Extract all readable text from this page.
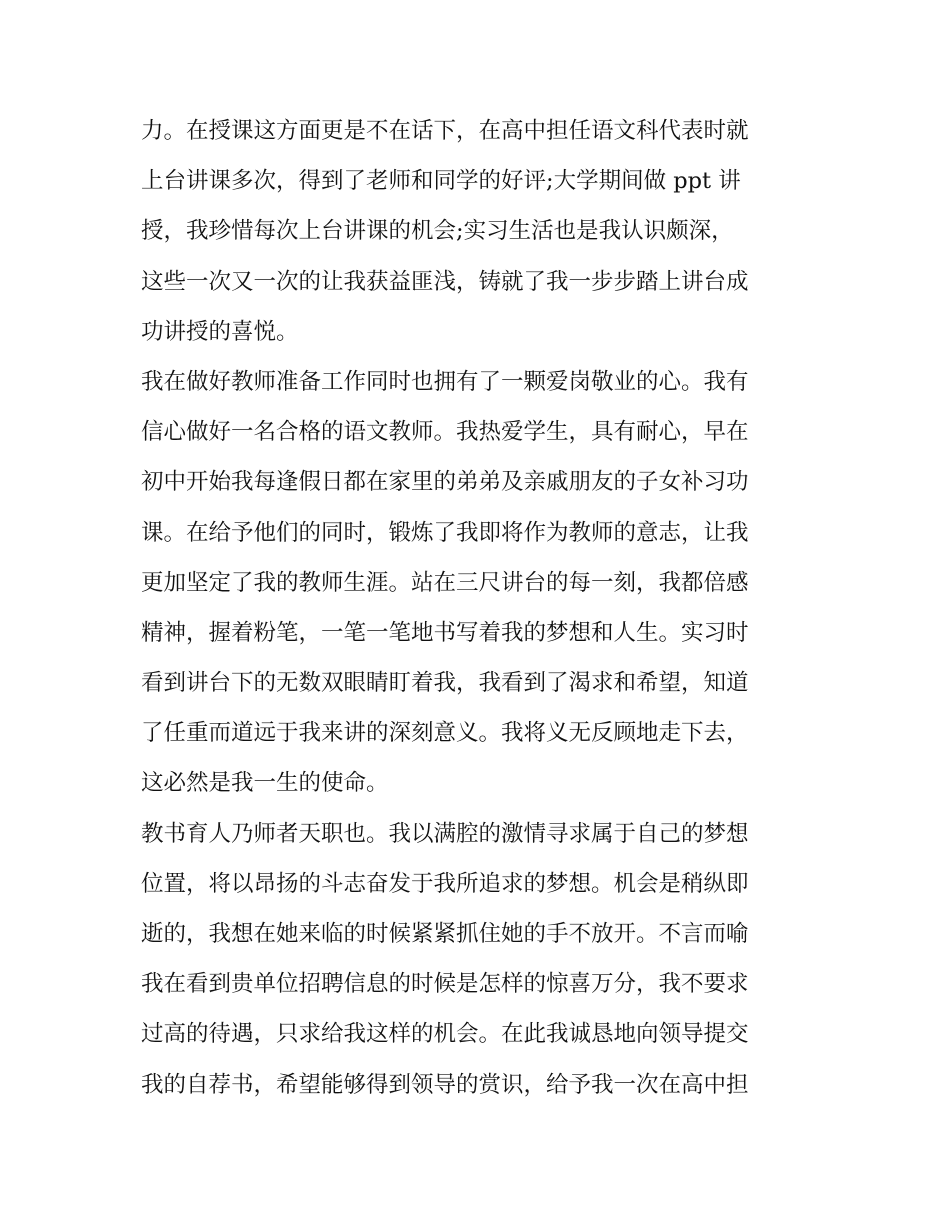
力。在授课这方面更是不在话下，在高中担任语文科代表时就
上台讲课多次，得到了老师和同学的好评;大学期间做 ppt 讲
授，我珍惜每次上台讲课的机会;实习生活也是我认识颇深，
这些一次又一次的让我获益匪浅，铸就了我一步步踏上讲台成
功讲授的喜悦。
我在做好教师准备工作同时也拥有了一颗爱岗敬业的心。我有
信心做好一名合格的语文教师。我热爱学生，具有耐心，早在
初中开始我每逢假日都在家里的弟弟及亲戚朋友的子女补习功
课。在给予他们的同时，锻炼了我即将作为教师的意志，让我
更加坚定了我的教师生涯。站在三尺讲台的每一刻，我都倍感
精神，握着粉笔，一笔一笔地书写着我的梦想和人生。实习时
看到讲台下的无数双眼睛盯着我，我看到了渴求和希望，知道
了任重而道远于我来讲的深刻意义。我将义无反顾地走下去，
这必然是我一生的使命。
教书育人乃师者天职也。我以满腔的激情寻求属于自己的梦想
位置，将以昂扬的斗志奋发于我所追求的梦想。机会是稍纵即
逝的，我想在她来临的时候紧紧抓住她的手不放开。不言而喻
我在看到贵单位招聘信息的时候是怎样的惊喜万分，我不要求
过高的待遇，只求给我这样的机会。在此我诚恳地向领导提交
我的自荐书，希望能够得到领导的赏识，给予我一次在高中担
